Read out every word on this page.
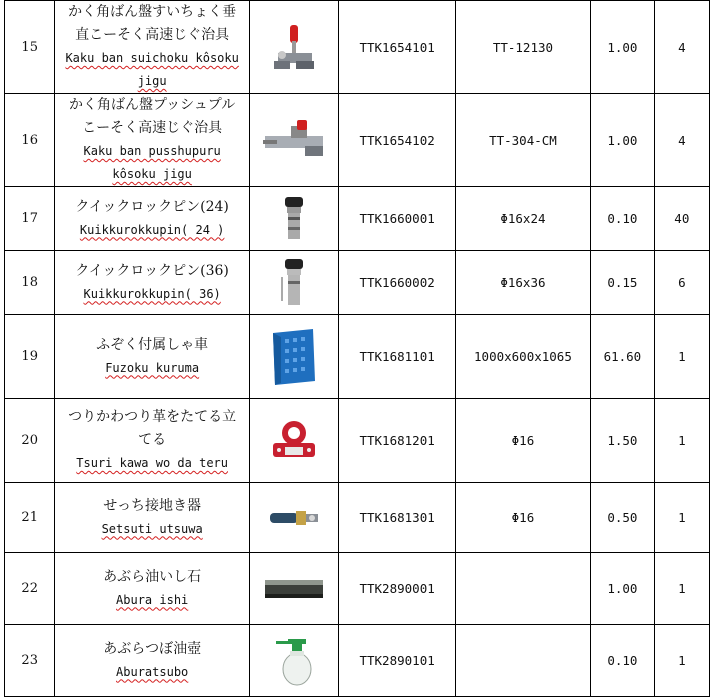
15	かく角ばん盤すいちょく垂
直こーそく高速じぐ治具
Kaku ban suichoku kôsoku
jigu		TTK1654101	TT-12130	1.00	4
16	かく角ばん盤プッシュプル
こーそく高速じぐ治具
Kaku ban pusshupuru
kôsoku jigu		TTK1654102	TT-304-CM	1.00	4
17	クイックロックピン(24)
Kuikkurokkupin( 24 )		TTK1660001	Φ16x24	0.10	40
18	クイックロックピン(36)
Kuikkurokkupin( 36)		TTK1660002	Φ16x36	0.15	6
19	ふぞく付属しゃ車
Fuzoku kuruma		TTK1681101	1000x600x1065	61.60	1
20	つりかわつり革をたてる立
てる
Tsuri kawa wo da teru		TTK1681201	Φ16	1.50	1
21	せっち接地き器
Setsuti utsuwa		TTK1681301	Φ16	0.50	1
22	あぶら油いし石
Abura ishi		TTK2890001		1.00	1
23	あぶらつぼ油壺
Aburatsubo		TTK2890101		0.10	1
